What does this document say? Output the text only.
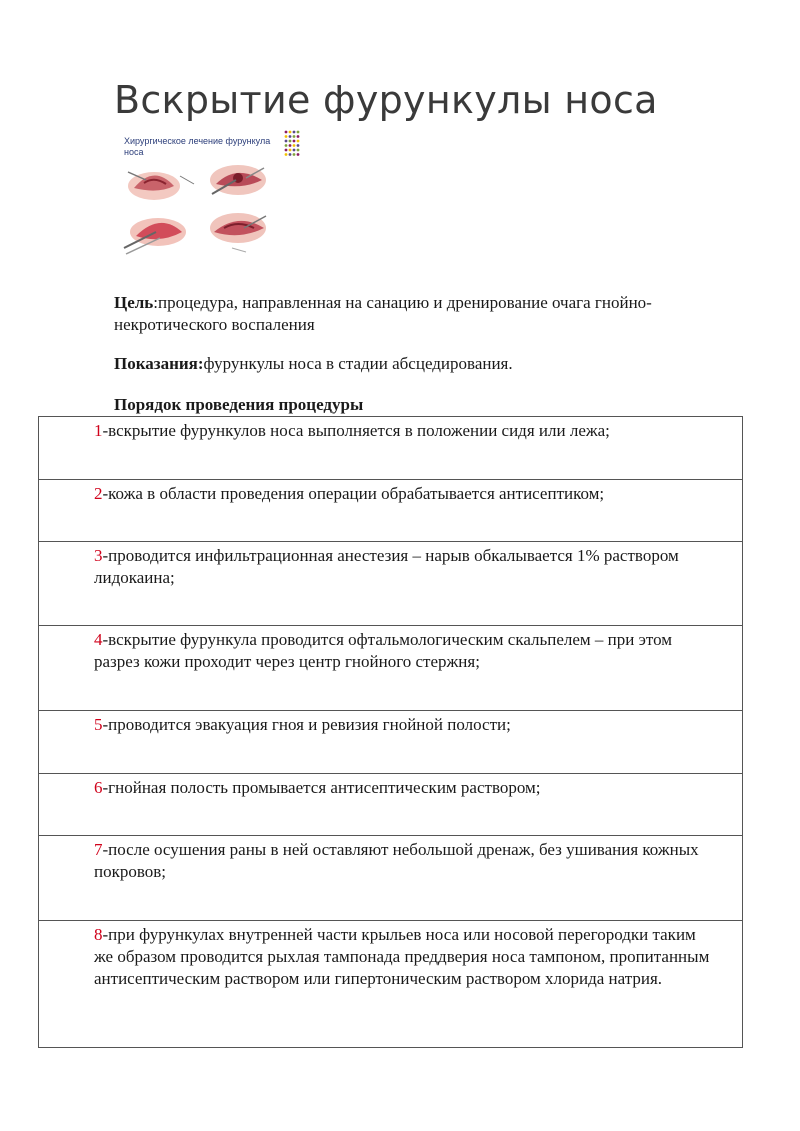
Вскрытие фурункулы носа
Хирургическое лечение фурункула носа
Цель:процедура, направленная на санацию и дренирование очага гнойно-некротического воспаления
Показания:фурункулы носа в стадии абсцедирования.
Порядок проведения процедуры
1-вскрытие фурункулов носа выполняется в положении сидя или лежа;
2-кожа в области проведения операции обрабатывается антисептиком;
3-проводится инфильтрационная анестезия – нарыв обкалывается 1% раствором лидокаина;
4-вскрытие фурункула проводится офтальмологическим скальпелем – при этом разрез кожи проходит через центр гнойного стержня;
5-проводится эвакуация гноя и ревизия гнойной полости;
6-гнойная полость промывается антисептическим раствором;
7-после осушения раны в ней оставляют небольшой дренаж, без ушивания кожных покровов;
8-при фурункулах внутренней части крыльев носа или носовой перегородки таким же образом проводится рыхлая тампонада преддверия носа тампоном, пропитанным антисептическим раствором или гипертоническим раствором хлорида натрия.
